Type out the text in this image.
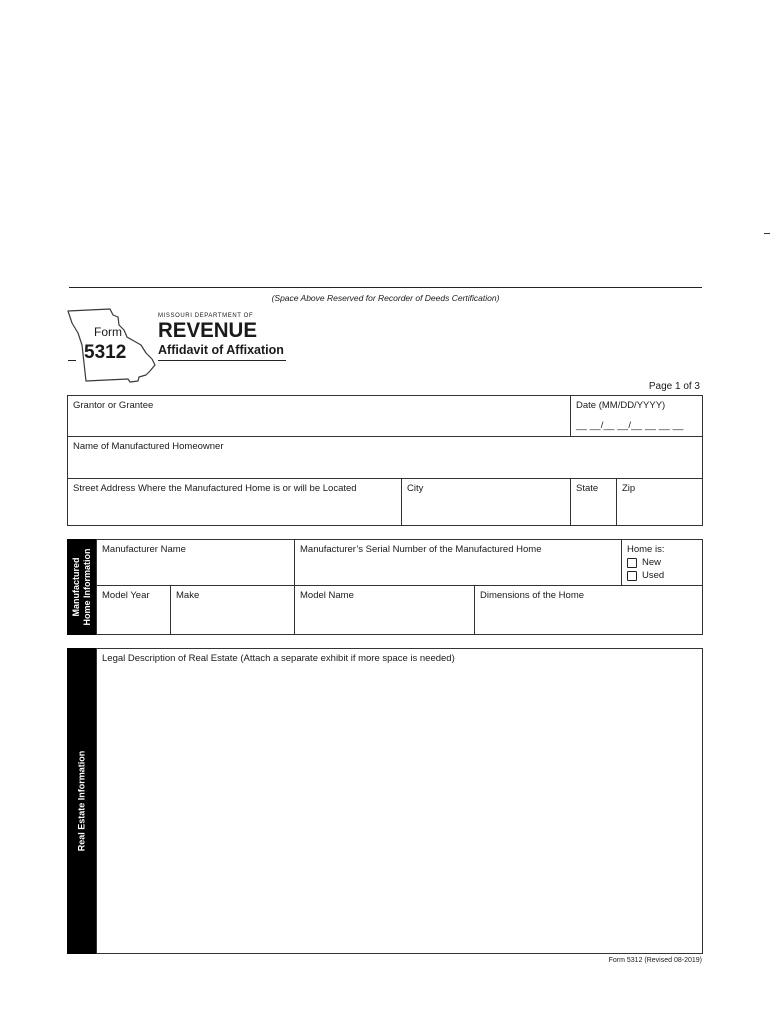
(Space Above Reserved for Recorder of Deeds Certification)
Form
5312
MISSOURI DEPARTMENT OF
REVENUE
Affidavit of Affixation
Page 1 of 3
Grantor or Grantee	Date (MM/DD/YYYY)
__ __/__ __/__ __ __ __
Name of Manufactured Homeowner
Street Address Where the Manufactured Home is or will be Located	City	State	Zip
Manufactured Home Information	Manufacturer Name	Manufacturer’s Serial Number of the Manufactured Home	Home is:
New
Used
Model Year	Make	Model Name	Dimensions of the Home
Real Estate Information
Legal Description of Real Estate (Attach a separate exhibit if more space is needed)
Form 5312 (Revised 08-2019)
